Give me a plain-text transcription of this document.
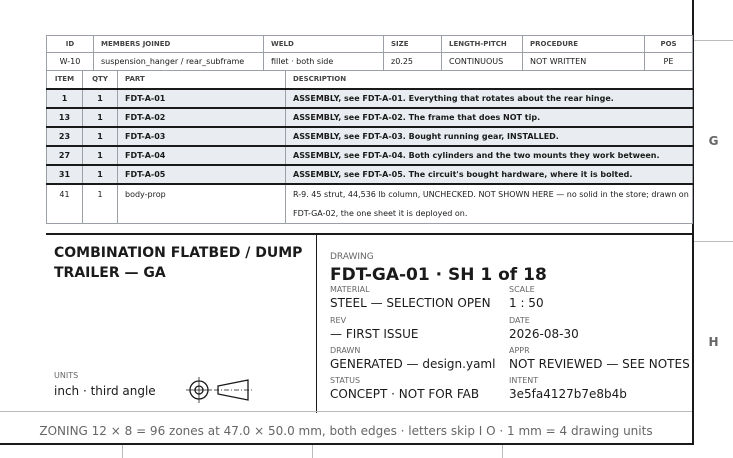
G
H
ID	MEMBERS JOINED	WELD	SIZE	LENGTH-PITCH	PROCEDURE	POS
W-10	suspension_hanger / rear_subframe	fillet · both side	z0.25	CONTINUOUS	NOT WRITTEN	PE
ITEM	QTY	PART	DESCRIPTION
1	1	FDT-A-01	ASSEMBLY, see FDT-A-01. Everything that rotates about the rear hinge.
13	1	FDT-A-02	ASSEMBLY, see FDT-A-02. The frame that does NOT tip.
23	1	FDT-A-03	ASSEMBLY, see FDT-A-03. Bought running gear, INSTALLED.
27	1	FDT-A-04	ASSEMBLY, see FDT-A-04. Both cylinders and the two mounts they work between.
31	1	FDT-A-05	ASSEMBLY, see FDT-A-05. The circuit's bought hardware, where it is bolted.
41	1	body-prop	R-9. 45 strut, 44,536 lb column, UNCHECKED. NOT SHOWN HERE — no solid in the store; drawn on FDT-GA-02, the one sheet it is deployed on.
COMBINATION FLATBED / DUMP TRAILER — GA
UNITS
inch · third angle
DRAWING
FDT-GA-01 · SH 1 of 18
MATERIAL
STEEL — SELECTION OPEN
SCALE
1 : 50
REV
— FIRST ISSUE
DATE
2026-08-30
DRAWN
GENERATED — design.yaml
APPR
NOT REVIEWED — SEE NOTES
STATUS
CONCEPT · NOT FOR FAB
INTENT
3e5fa4127b7e8b4b
ZONING 12 × 8 = 96 zones at 47.0 × 50.0 mm, both edges · letters skip I O · 1 mm = 4 drawing units
